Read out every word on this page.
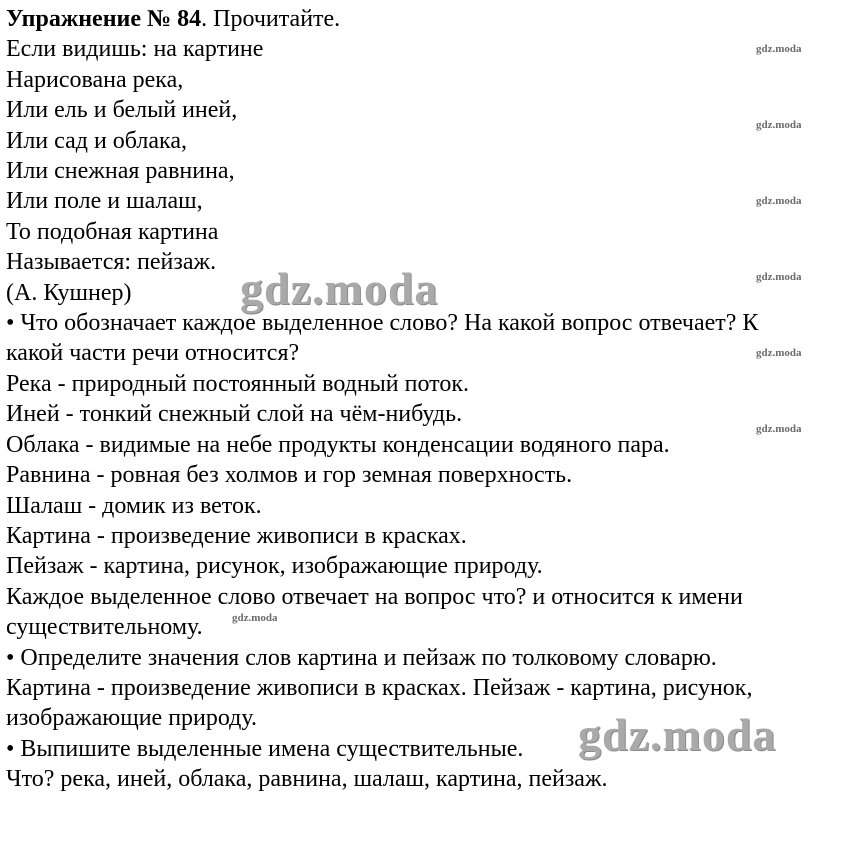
Упражнение № 84. Прочитайте.
Если видишь: на картине
Нарисована река,
Или ель и белый иней,
Или сад и облака,
Или снежная равнина,
Или поле и шалаш,
То подобная картина
Называется: пейзаж.
(А. Кушнер)
• Что обозначает каждое выделенное слово? На какой вопрос отвечает? К
какой части речи относится?
Река - природный постоянный водный поток.
Иней - тонкий снежный слой на чём-нибудь.
Облака - видимые на небе продукты конденсации водяного пара.
Равнина - ровная без холмов и гор земная поверхность.
Шалаш - домик из веток.
Картина - произведение живописи в красках.
Пейзаж - картина, рисунок, изображающие природу.
Каждое выделенное слово отвечает на вопрос что? и относится к имени
существительному.
• Определите значения слов картина и пейзаж по толковому словарю.
Картина - произведение живописи в красках. Пейзаж - картина, рисунок,
изображающие природу.
• Выпишите выделенные имена существительные.
Что? река, иней, облака, равнина, шалаш, картина, пейзаж.
gdz.moda
gdz.moda
gdz.moda
gdz.moda
gdz.moda
gdz.moda
gdz.moda
gdz.moda
gdz.moda
